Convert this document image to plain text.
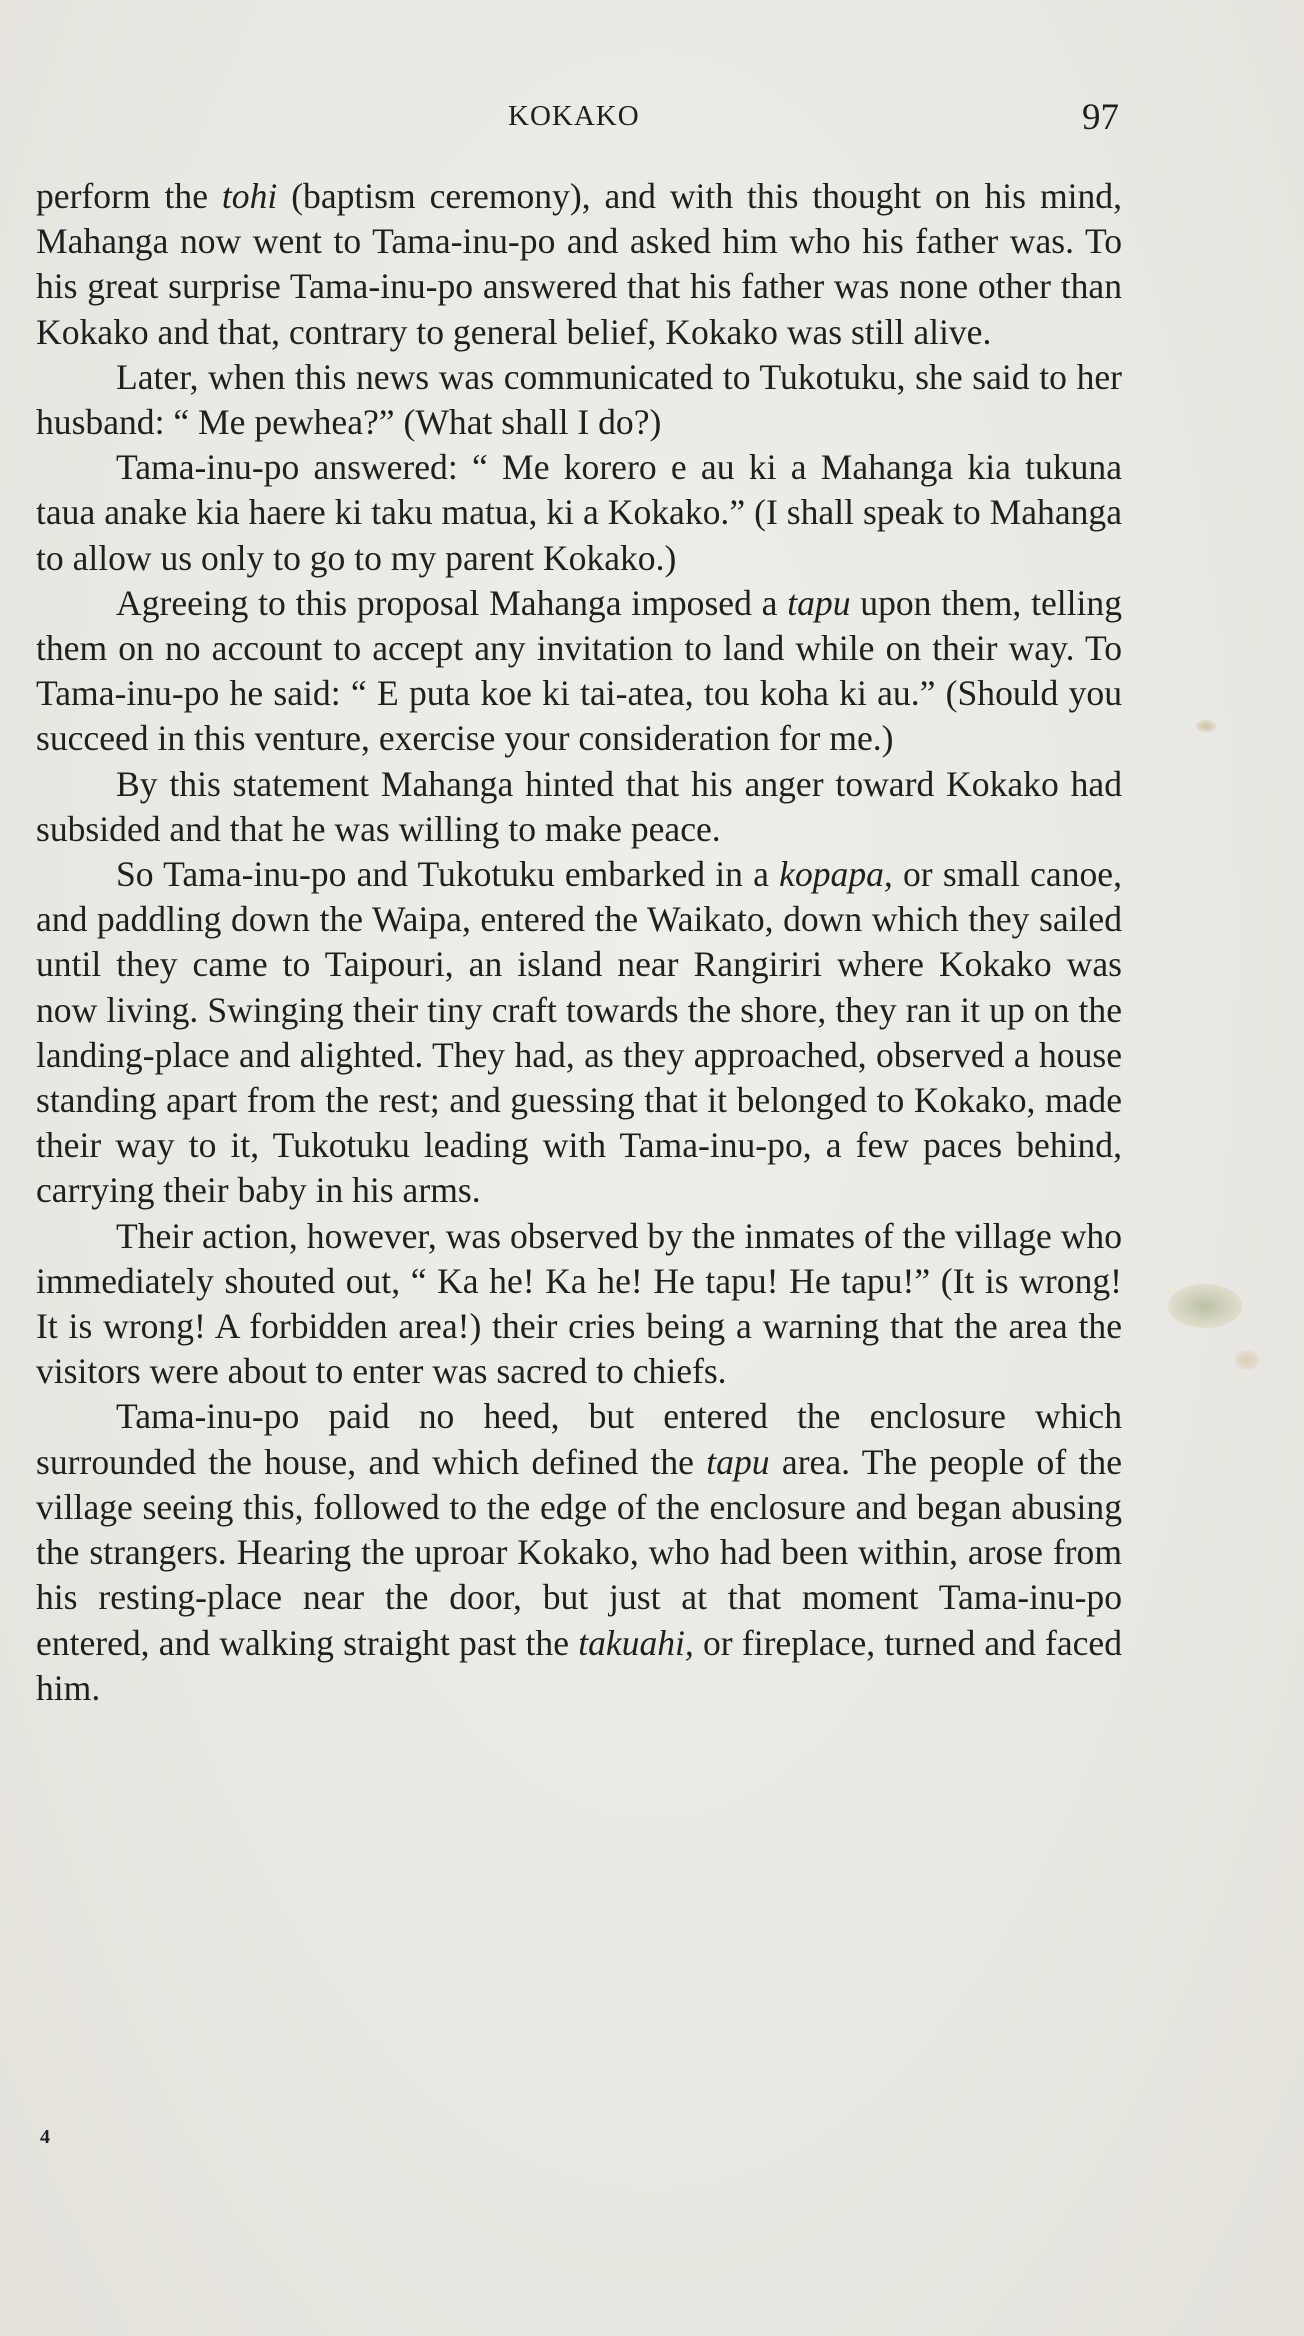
KOKAKO	97

perform the tohi (baptism ceremony), and with this thought on his mind, Mahanga now went to Tama-inu-po and asked him who his father was. To his great surprise Tama-inu-po answered that his father was none other than Kokako and that, contrary to general belief, Kokako was still alive.

Later, when this news was communicated to Tukotuku, she said to her husband: “ Me pewhea?” (What shall I do?)

Tama-inu-po answered: “ Me korero e au ki a Mahanga kia tukuna taua anake kia haere ki taku matua, ki a Kokako.” (I shall speak to Mahanga to allow us only to go to my parent Kokako.)

Agreeing to this proposal Mahanga imposed a tapu upon them, telling them on no account to accept any invitation to land while on their way. To Tama-inu-po he said: “ E puta koe ki tai-atea, tou koha ki au.” (Should you succeed in this venture, exercise your consideration for me.)

By this statement Mahanga hinted that his anger toward Kokako had subsided and that he was willing to make peace.

So Tama-inu-po and Tukotuku embarked in a kopapa, or small canoe, and paddling down the Waipa, entered the Waikato, down which they sailed until they came to Taipouri, an island near Rangiriri where Kokako was now living. Swinging their tiny craft towards the shore, they ran it up on the landing-place and alighted. They had, as they approached, observed a house standing apart from the rest; and guessing that it belonged to Kokako, made their way to it, Tukotuku leading with Tama-inu-po, a few paces behind, carrying their baby in his arms.

Their action, however, was observed by the inmates of the village who immediately shouted out, “ Ka he! Ka he! He tapu! He tapu!” (It is wrong! It is wrong! A forbidden area!) their cries being a warning that the area the visitors were about to enter was sacred to chiefs.

Tama-inu-po paid no heed, but entered the enclosure which surrounded the house, and which defined the tapu area. The people of the village seeing this, followed to the edge of the enclosure and began abusing the strangers. Hearing the uproar Kokako, who had been within, arose from his resting-place near the door, but just at that moment Tama-inu-po entered, and walking straight past the takuahi, or fireplace, turned and faced him.

4
